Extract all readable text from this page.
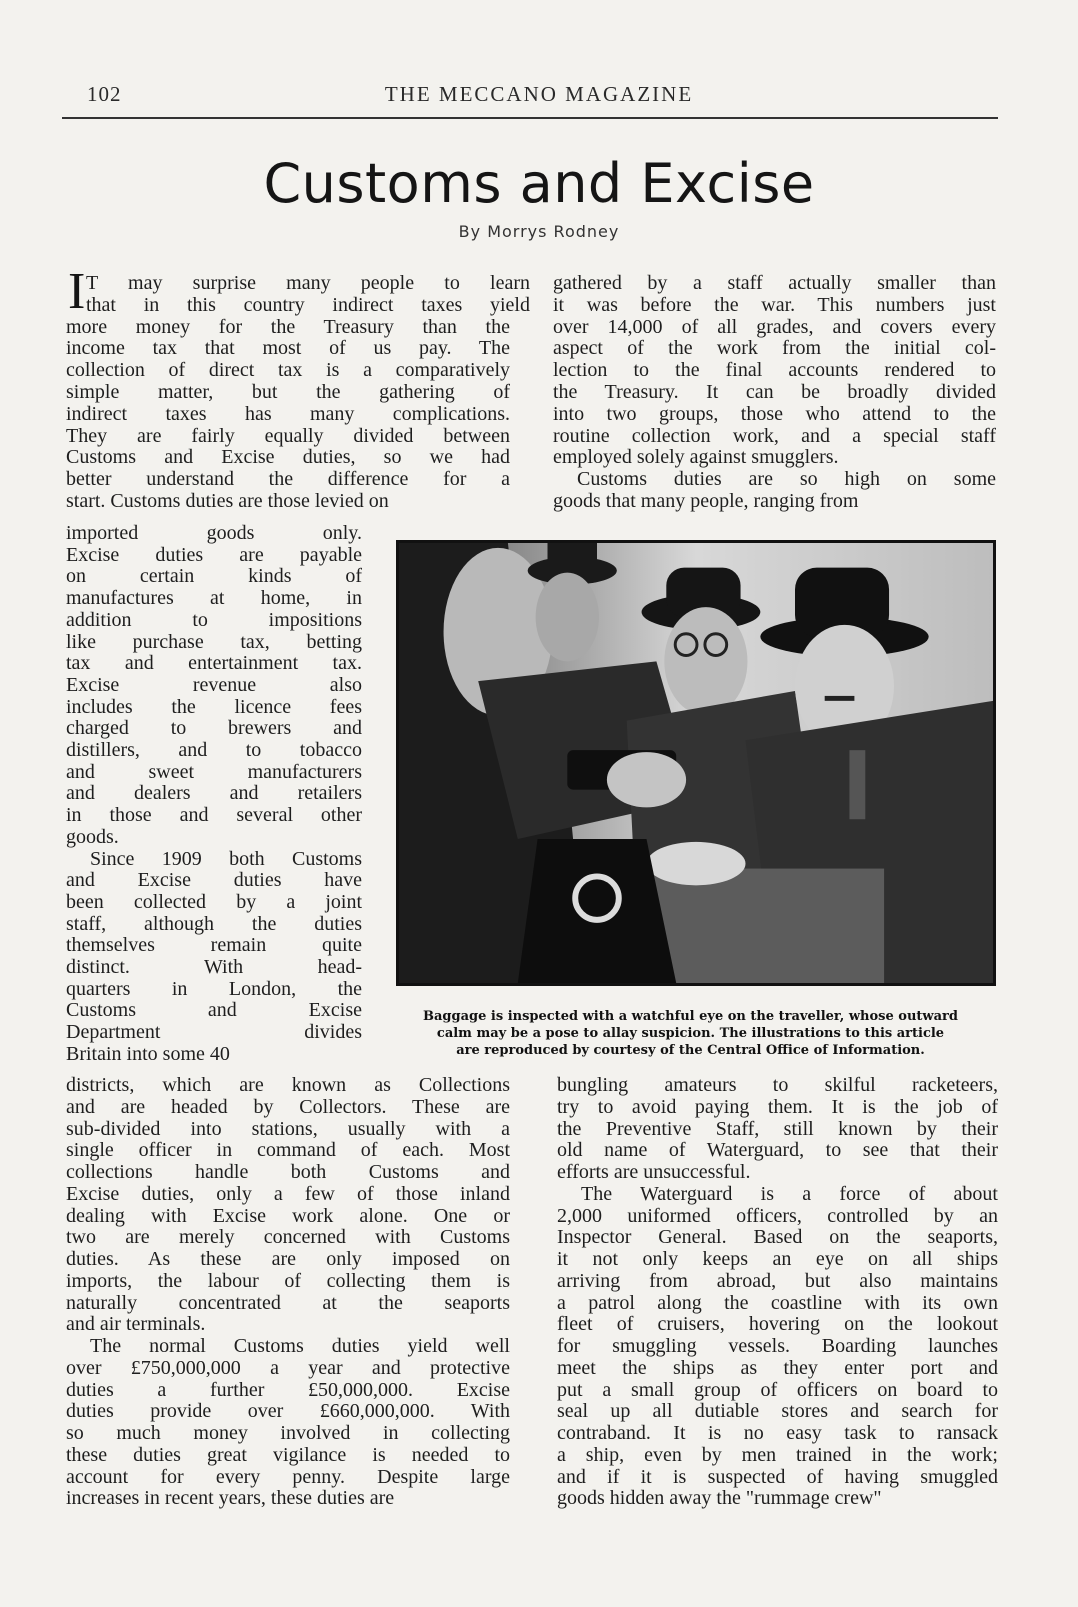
102	THE MECCANO MAGAZINE
Customs and Excise
By Morrys Rodney
I T may surprise many people to learn
that in this country indirect taxes yield
more money for the Treasury than the
income tax that most of us pay. The
collection of direct tax is a comparatively
simple matter, but the gathering of
indirect taxes has many complications.
They are fairly equally divided between
Customs and Excise duties, so we had
better understand the difference for a
start. Customs duties are those levied on
gathered by a staff actually smaller than
it was before the war. This numbers just
over 14,000 of all grades, and covers every
aspect of the work from the initial col-
lection to the final accounts rendered to
the Treasury. It can be broadly divided
into two groups, those who attend to the
routine collection work, and a special staff
employed solely against smugglers.
Customs duties are so high on some
goods that many people, ranging from
imported goods only.
Excise duties are payable
on certain kinds of
manufactures at home, in
addition to impositions
like purchase tax, betting
tax and entertainment tax.
Excise revenue also
includes the licence fees
charged to brewers and
distillers, and to tobacco
and sweet manufacturers
and dealers and retailers
in those and several other
goods.
Since 1909 both Customs
and Excise duties have
been collected by a joint
staff, although the duties
themselves remain quite
distinct. With head-
quarters in London, the
Customs and Excise
Department divides
Britain into some 40
districts, which are known as Collections
and are headed by Collectors. These are
sub-divided into stations, usually with a
single officer in command of each. Most
collections handle both Customs and
Excise duties, only a few of those inland
dealing with Excise work alone. One or
two are merely concerned with Customs
duties. As these are only imposed on
imports, the labour of collecting them is
naturally concentrated at the seaports
and air terminals.
The normal Customs duties yield well
over £750,000,000 a year and protective
duties a further £50,000,000. Excise
duties provide over £660,000,000. With
so much money involved in collecting
these duties great vigilance is needed to
account for every penny. Despite large
increases in recent years, these duties are
bungling amateurs to skilful racketeers,
try to avoid paying them. It is the job of
the Preventive Staff, still known by their
old name of Waterguard, to see that their
efforts are unsuccessful.
The Waterguard is a force of about
2,000 uniformed officers, controlled by an
Inspector General. Based on the seaports,
it not only keeps an eye on all ships
arriving from abroad, but also maintains
a patrol along the coastline with its own
fleet of cruisers, hovering on the lookout
for smuggling vessels. Boarding launches
meet the ships as they enter port and
put a small group of officers on board to
seal up all dutiable stores and search for
contraband. It is no easy task to ransack
a ship, even by men trained in the work;
and if it is suspected of having smuggled
goods hidden away the "rummage crew"
Baggage is inspected with a watchful eye on the traveller, whose outward
calm may be a pose to allay suspicion. The illustrations to this article
are reproduced by courtesy of the Central Office of Information.
